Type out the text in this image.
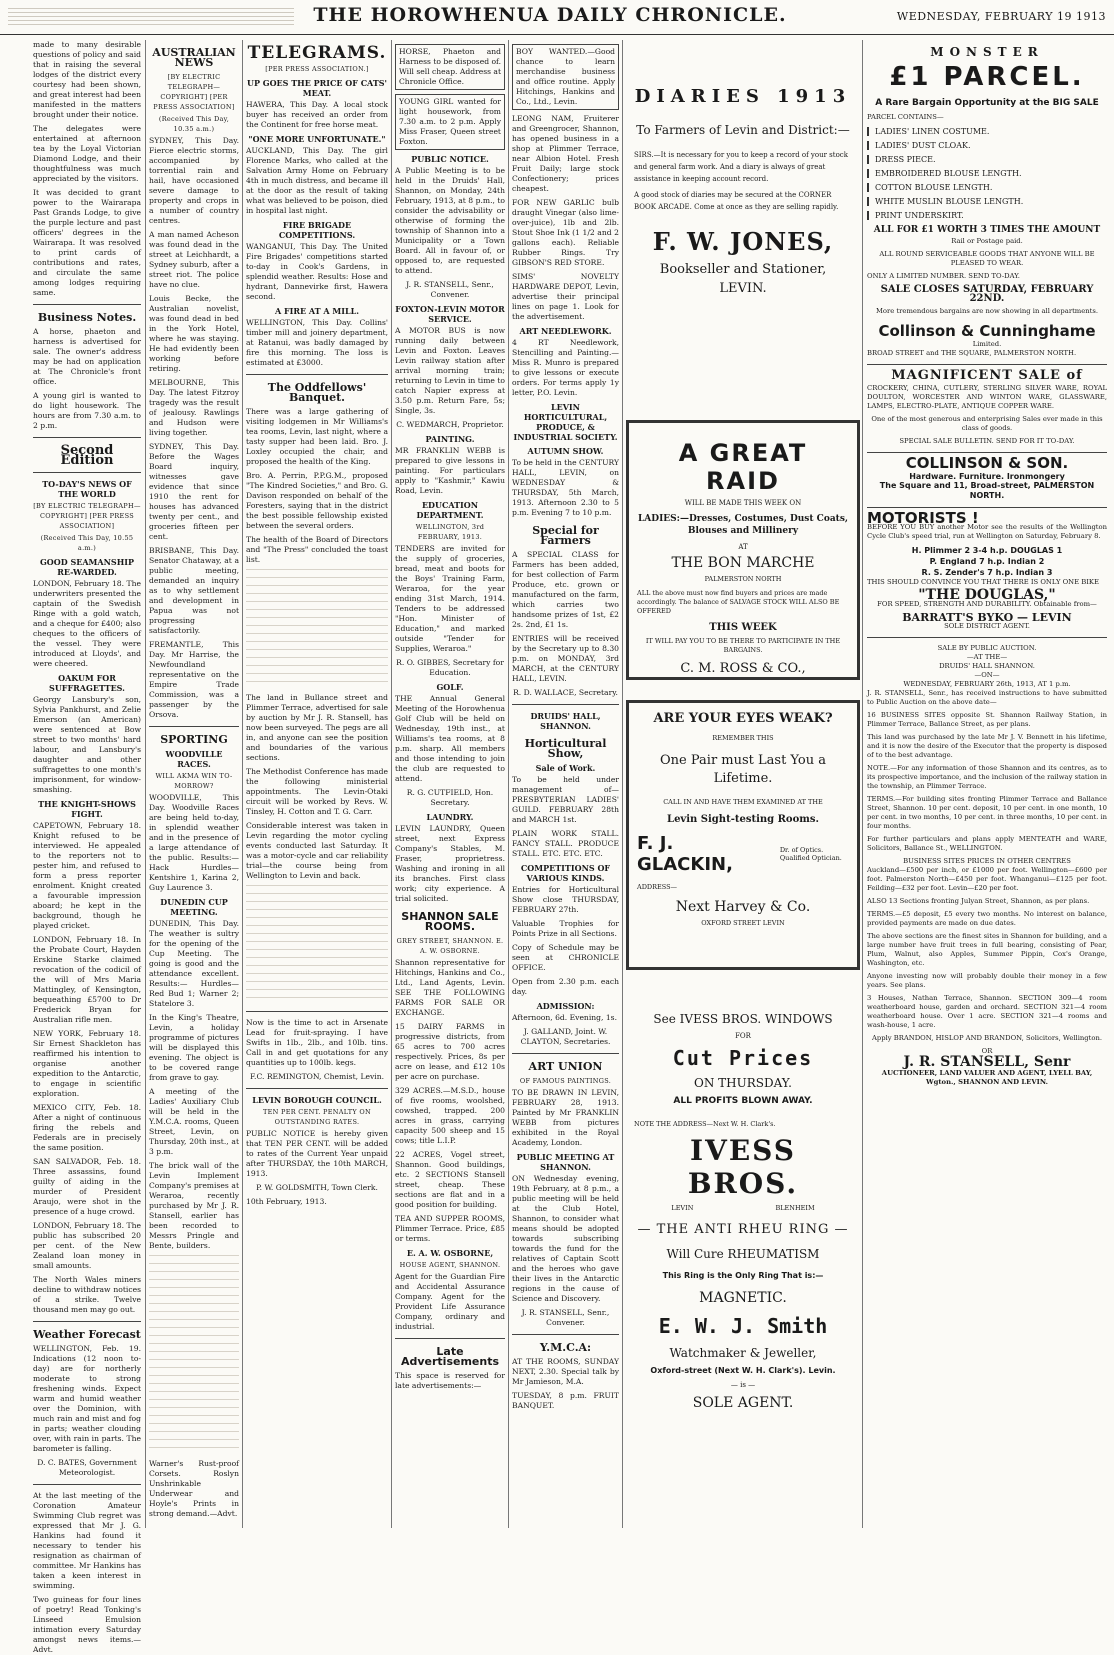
THE HOROWHENUA DAILY CHRONICLE.	WEDNESDAY, FEBRUARY 19 1913

made to many desirable questions of policy and said that in raising the several lodges of the district every courtesy had been shown, and great interest had been manifested in the matters brought under their notice.

The delegates were entertained at afternoon tea by the Loyal Victorian Diamond Lodge, and their thoughtfulness was much appreciated by the visitors.

It was decided to grant power to the Wairarapa Past Grands Lodge, to give the purple lecture and past officers' degrees in the Wairarapa. It was resolved to print cards of contributions and rates, and circulate the same among lodges requiring same.

Business Notes.

A horse, phaeton and harness is advertised for sale. The owner's address may be had on application at The Chronicle's front office.

A young girl is wanted to do light housework. The hours are from 7.30 a.m. to 2 p.m.

Second Edition
TO-DAY'S NEWS OF THE WORLD
[BY ELECTRIC TELEGRAPH—COPYRIGHT] [PER PRESS ASSOCIATION]
(Received This Day, 10.55 a.m.)
GOOD SEAMANSHIP RE-WARDED.

LONDON, February 18. The underwriters presented the captain of the Swedish Ringe with a gold watch, and a cheque for £400; also cheques to the officers of the vessel. They were introduced at Lloyds', and were cheered.

OAKUM FOR SUFFRAGETTES.

Georgy Lansbury's son, Sylvia Pankhurst, and Zelie Emerson (an American) were sentenced at Bow street to two months' hard labour, and Lansbury's daughter and other suffragettes to one month's imprisonment, for window-smashing.

THE KNIGHT-SHOWS FIGHT.

CAPETOWN, February 18. Knight refused to be interviewed. He appealed to the reporters not to pester him, and refused to form a press reporter enrolment. Knight created a favourable impression aboard; he kept in the background, though he played cricket.

LONDON, February 18. In the Probate Court, Hayden Erskine Starke claimed revocation of the codicil of the will of Mrs Maria Mattingley, of Kensington, bequeathing £5700 to Dr Frederick Bryan for Australian rifle men.

NEW YORK, February 18. Sir Ernest Shackleton has reaffirmed his intention to organise another expedition to the Antarctic, to engage in scientific exploration.

MEXICO CITY, Feb. 18. After a night of continuous firing the rebels and Federals are in precisely the same position.

SAN SALVADOR, Feb. 18. Three assassins, found guilty of aiding in the murder of President Araujo, were shot in the presence of a huge crowd.

LONDON, February 18. The public has subscribed 20 per cent. of the New Zealand loan money in small amounts.

The North Wales miners decline to withdraw notices of a strike. Twelve thousand men may go out.

Weather Forecast

WELLINGTON, Feb. 19. Indications (12 noon to-day) are for northerly moderate to strong freshening winds. Expect warm and humid weather over the Dominion, with much rain and mist and fog in parts; weather clouding over, with rain in parts. The barometer is falling.

D. C. BATES, Government Meteorologist.

At the last meeting of the Coronation Amateur Swimming Club regret was expressed that Mr J. G. Hankins had found it necessary to tender his resignation as chairman of committee. Mr Hankins has taken a keen interest in swimming.

Two guineas for four lines of poetry! Read Tonking's Linseed Emulsion intimation every Saturday amongst news items.—Advt.

AUSTRALIAN NEWS
[BY ELECTRIC TELEGRAPH—COPYRIGHT] [PER PRESS ASSOCIATION]
(Received This Day, 10.35 a.m.)

SYDNEY, This Day. Fierce electric storms, accompanied by torrential rain and hail, have occasioned severe damage to property and crops in a number of country centres.

A man named Acheson was found dead in the street at Leichhardt, a Sydney suburb, after a street riot. The police have no clue.

Louis Becke, the Australian novelist, was found dead in bed in the York Hotel, where he was staying. He had evidently been working before retiring.

MELBOURNE, This Day. The latest Fitzroy tragedy was the result of jealousy. Rawlings and Hudson were living together.

SYDNEY, This Day. Before the Wages Board inquiry, witnesses gave evidence that since 1910 the rent for houses has advanced twenty per cent., and groceries fifteen per cent.

BRISBANE, This Day. Senator Chataway, at a public meeting, demanded an inquiry as to why settlement and development in Papua was not progressing satisfactorily.

FREMANTLE, This Day. Mr Harrise, the Newfoundland representative on the Empire Trade Commission, was a passenger by the Orsova.

SPORTING
WOODVILLE RACES.
WILL AKMA WIN TO-MORROW?

WOODVILLE, This Day. Woodville Races are being held to-day, in splendid weather and in the presence of a large attendance of the public. Results:— Hack Hurdles—Kentshire 1, Karina 2, Guy Laurence 3.

DUNEDIN CUP MEETING.

DUNEDIN, This Day. The weather is sultry for the opening of the Cup Meeting. The going is good and the attendance excellent. Results:— Hurdles—Red Bud 1; Warner 2; Statelore 3.

In the King's Theatre, Levin, a holiday programme of pictures will be displayed this evening. The object is to be covered range from grave to gay.

A meeting of the Ladies' Auxiliary Club will be held in the Y.M.C.A. rooms, Queen Street, Levin, on Thursday, 20th inst., at 3 p.m.

The brick wall of the Levin Implement Company's premises at Weraroa, recently purchased by Mr J. R. Stansell, earlier has been recorded to Messrs Pringle and Bente, builders.

Warner's Rust-proof Corsets. Roslyn Unshrinkable Underwear and Hoyle's Prints in strong demand.—Advt.

TELEGRAMS.
[PER PRESS ASSOCIATION.]
UP GOES THE PRICE OF CATS' MEAT.

HAWERA, This Day. A local stock buyer has received an order from the Continent for free horse meat.

"ONE MORE UNFORTUNATE."

AUCKLAND, This Day. The girl Florence Marks, who called at the Salvation Army Home on February 4th in much distress, and became ill at the door as the result of taking what was believed to be poison, died in hospital last night.

FIRE BRIGADE COMPETITIONS.

WANGANUI, This Day. The United Fire Brigades' competitions started to-day in Cook's Gardens, in splendid weather. Results: Hose and hydrant, Dannevirke first, Hawera second.

A FIRE AT A MILL.

WELLINGTON, This Day. Collins' timber mill and joinery department, at Ratanui, was badly damaged by fire this morning. The loss is estimated at £3000.

The Oddfellows' Banquet.

There was a large gathering of visiting lodgemen in Mr Williams's tea rooms, Levin, last night, where a tasty supper had been laid. Bro. J. Loxley occupied the chair, and proposed the health of the King.

Bro. A. Perrin, P.P.G.M., proposed "The Kindred Societies," and Bro. G. Davison responded on behalf of the Foresters, saying that in the district the best possible fellowship existed between the several orders.

The health of the Board of Directors and "The Press" concluded the toast list.

The land in Bullance street and Plimmer Terrace, advertised for sale by auction by Mr J. R. Stansell, has now been surveyed. The pegs are all in, and anyone can see the position and boundaries of the various sections.

The Methodist Conference has made the following ministerial appointments. The Levin-Otaki circuit will be worked by Revs. W. Tinsley, H. Cotton and T. G. Carr.

Considerable interest was taken in Levin regarding the motor cycling events conducted last Saturday. It was a motor-cycle and car reliability trial—the course being from Wellington to Levin and back.

Now is the time to act in Arsenate Lead for fruit-spraying. I have Swifts in 1lb., 2lb., and 10lb. tins. Call in and get quotations for any quantities up to 100lb. kegs.

F.C. REMINGTON, Chemist, Levin.

LEVIN BOROUGH COUNCIL.
TEN PER CENT. PENALTY ON OUTSTANDING RATES.

PUBLIC NOTICE is hereby given that TEN PER CENT. will be added to rates of the Current Year unpaid after THURSDAY, the 10th MARCH, 1913.

P. W. GOLDSMITH, Town Clerk.

10th February, 1913.

HORSE, Phaeton and Harness to be disposed of. Will sell cheap. Address at Chronicle Office.

YOUNG GIRL wanted for light housework, from 7.30 a.m. to 2 p.m. Apply Miss Fraser, Queen street Foxton.

PUBLIC NOTICE.

A Public Meeting is to be held in the Druids' Hall, Shannon, on Monday, 24th February, 1913, at 8 p.m., to consider the advisability or otherwise of forming the township of Shannon into a Municipality or a Town Board. All in favour of, or opposed to, are requested to attend.

J. R. STANSELL, Senr., Convener.

FOXTON-LEVIN MOTOR SERVICE.

A MOTOR BUS is now running daily between Levin and Foxton. Leaves Levin railway station after arrival morning train; returning to Levin in time to catch Napier express at 3.50 p.m. Return Fare, 5s; Single, 3s.

C. WEDMARCH, Proprietor.

PAINTING.

MR FRANKLIN WEBB is prepared to give lessons in painting. For particulars apply to "Kashmir," Kawiu Road, Levin.

EDUCATION DEPARTMENT.
WELLINGTON, 3rd FEBRUARY, 1913.

TENDERS are invited for the supply of groceries, bread, meat and boots for the Boys' Training Farm, Weraroa, for the year ending 31st March, 1914. Tenders to be addressed "Hon. Minister of Education," and marked outside "Tender for Supplies, Weraroa."

R. O. GIBBES, Secretary for Education.

GOLF.

THE Annual General Meeting of the Horowhenua Golf Club will be held on Wednesday, 19th inst., at Williams's tea rooms, at 8 p.m. sharp. All members and those intending to join the club are requested to attend.

R. G. CUTFIELD, Hon. Secretary.

LAUNDRY.

LEVIN LAUNDRY, Queen street, next Express Company's Stables, M. Fraser, proprietress. Washing and ironing in all its branches. First class work; city experience. A trial solicited.

SHANNON SALE ROOMS.
GREY STREET, SHANNON. E. A. W. OSBORNE.

Shannon representative for Hitchings, Hankins and Co., Ltd., Land Agents, Levin. SEE THE FOLLOWING FARMS FOR SALE OR EXCHANGE.

15 DAIRY FARMS in progressive districts, from 65 acres to 700 acres respectively. Prices, 8s per acre on lease, and £12 10s per acre on purchase.

329 ACRES.—M.S.D., house of five rooms, woolshed, cowshed, trapped. 200 acres in grass, carrying capacity 500 sheep and 15 cows; title L.I.P.

22 ACRES, Vogel street, Shannon. Good buildings, etc. 2 SECTIONS Stansell street, cheap. These sections are flat and in a good position for building.

TEA AND SUPPER ROOMS, Plimmer Terrace. Price, £85 or terms.

E. A. W. OSBORNE,
HOUSE AGENT, SHANNON.

Agent for the Guardian Fire and Accidental Assurance Company. Agent for the Provident Life Assurance Company, ordinary and industrial.

Late Advertisements

This space is reserved for late advertisements:—

BOY WANTED.—Good chance to learn merchandise business and office routine. Apply Hitchings, Hankins and Co., Ltd., Levin.

LEONG NAM, Fruiterer and Greengrocer, Shannon, has opened business in a shop at Plimmer Terrace, near Albion Hotel. Fresh Fruit Daily; large stock Confectionery; prices cheapest.

FOR NEW GARLIC bulb draught Vinegar (also lime-over-juice), 1lb and 2lb. Stout Shoe Ink (1 1/2 and 2 gallons each). Reliable Rubber Rings. Try GIBSON'S RED STORE.

SIMS' NOVELTY HARDWARE DEPOT, Levin, advertise their principal lines on page 1. Look for the advertisement.

ART NEEDLEWORK.

4 RT Needlework, Stencilling and Painting.—Miss R. Munro is prepared to give lessons or execute orders. For terms apply 1y letter, P.O. Levin.

LEVIN HORTICULTURAL, PRODUCE, & INDUSTRIAL SOCIETY.
AUTUMN SHOW.

To be held in the CENTURY HALL, LEVIN, on WEDNESDAY & THURSDAY, 5th March, 1913. Afternoon 2.30 to 5 p.m. Evening 7 to 10 p.m.

Special for Farmers

A SPECIAL CLASS for Farmers has been added, for best collection of Farm Produce, etc. grown or manufactured on the farm, which carries two handsome prizes of 1st, £2 2s. 2nd, £1 1s.

ENTRIES will be received by the Secretary up to 8.30 p.m. on MONDAY, 3rd MARCH, at the CENTURY HALL, LEVIN.

R. D. WALLACE, Secretary.

DRUIDS' HALL, SHANNON.
Horticultural Show,
Sale of Work.

To be held under management of— PRESBYTERIAN LADIES' GUILD. FEBRUARY 28th and MARCH 1st.

PLAIN WORK STALL. FANCY STALL. PRODUCE STALL. ETC. ETC. ETC.

COMPETITIONS OF VARIOUS KINDS.

Entries for Horticultural Show close THURSDAY, FEBRUARY 27th.

Valuable Trophies for Points Prize in all Sections.

Copy of Schedule may be seen at CHRONICLE OFFICE.

Open from 2.30 p.m. each day.

ADMISSION:

Afternoon, 6d. Evening, 1s.

J. GALLAND, Joint. W. CLAYTON, Secretaries.

ART UNION
OF FAMOUS PAINTINGS.

TO BE DRAWN IN LEVIN, FEBRUARY 28, 1913. Painted by Mr FRANKLIN WEBB from pictures exhibited in the Royal Academy, London.

PUBLIC MEETING AT SHANNON.

ON Wednesday evening, 19th February, at 8 p.m., a public meeting will be held at the Club Hotel, Shannon, to consider what means should be adopted towards subscribing towards the fund for the relatives of Captain Scott and the heroes who gave their lives in the Antarctic regions in the cause of Science and Discovery.

J. R. STANSELL, Senr., Convener.

Y.M.C.A:

AT THE ROOMS, SUNDAY NEXT, 2.30. Special talk by Mr Jamieson, M.A.

TUESDAY, 8 p.m. FRUIT BANQUET.

DIARIES 1913
To Farmers of Levin and District:—

SIRS.—It is necessary for you to keep a record of your stock and general farm work. And a diary is always of great assistance in keeping account record.

A good stock of diaries may be secured at the CORNER BOOK ARCADE. Come at once as they are selling rapidly.

F. W. JONES,
Bookseller and Stationer,
LEVIN.
A GREAT RAID
WILL BE MADE THIS WEEK ON
LADIES:—Dresses, Costumes, Dust Coats, Blouses and Millinery
AT
THE BON MARCHE
PALMERSTON NORTH

ALL the above must now find buyers and prices are made accordingly. The balance of SALVAGE STOCK WILL ALSO BE OFFERED

THIS WEEK

IT WILL PAY YOU TO BE THERE TO PARTICIPATE IN THE BARGAINS.

C. M. ROSS & CO.,
ARE YOUR EYES WEAK?
REMEMBER THIS
One Pair must Last You a Lifetime.
CALL IN AND HAVE THEM EXAMINED AT THE
Levin Sight-testing Rooms.
F. J. GLACKIN,
Dr. of Optics. Qualified Optician.
ADDRESS—
Next Harvey & Co.
OXFORD STREET LEVIN
See IVESS BROS. WINDOWS
FOR
Cut Prices
ON THURSDAY.
ALL PROFITS BLOWN AWAY.
NOTE THE ADDRESS—Next W. H. Clark's.
IVESS BROS.
LEVIN BLENHEIM
— THE ANTI RHEU RING —
Will Cure RHEUMATISM
This Ring is the Only Ring That is:—
MAGNETIC.
E. W. J. Smith
Watchmaker & Jeweller,
Oxford-street (Next W. H. Clark's). Levin.
— is —
SOLE AGENT.
MONSTER
£1 PARCEL.
A Rare Bargain Opportunity at the BIG SALE
PARCEL CONTAINS—
LADIES' LINEN COSTUME.
LADIES' DUST CLOAK.
DRESS PIECE.
EMBROIDERED BLOUSE LENGTH.
COTTON BLOUSE LENGTH.
WHITE MUSLIN BLOUSE LENGTH.
PRINT UNDERSKIRT.
ALL FOR £1 WORTH 3 TIMES THE AMOUNT
Rail or Postage paid.

ALL ROUND SERVICEABLE GOODS THAT ANYONE WILL BE PLEASED TO WEAR.

ONLY A LIMITED NUMBER. SEND TO-DAY.

SALE CLOSES SATURDAY, FEBRUARY 22ND.

More tremendous bargains are now showing in all departments.

Collinson & Cunninghame
Limited.

BROAD STREET and THE SQUARE, PALMERSTON NORTH.

MAGNIFICENT SALE of

CROCKERY, CHINA, CUTLERY, STERLING SILVER WARE, ROYAL DOULTON, WORCESTER AND WINTON WARE, GLASSWARE, LAMPS, ELECTRO-PLATE, ANTIQUE COPPER WARE.

One of the most generous and enterprising Sales ever made in this class of goods.

SPECIAL SALE BULLETIN. SEND FOR IT TO-DAY.

COLLINSON & SON.
Hardware. Furniture. Ironmongery
The Square and 11, Broad-street, PALMERSTON NORTH.
MOTORISTS !

BEFORE YOU BUY another Motor see the results of the Wellington Cycle Club's speed trial, run at Wellington on Saturday, February 8.

H. Plimmer 2 3-4 h.p. DOUGLAS 1
P. England 7 h.p. Indian 2
R. S. Zender's 7 h.p. Indian 3

THIS SHOULD CONVINCE YOU THAT THERE IS ONLY ONE BIKE

"THE DOUGLAS,"

FOR SPEED, STRENGTH AND DURABILITY. Obtainable from—

BARRATT'S BYKO — LEVIN
SOLE DISTRICT AGENT.
SALE BY PUBLIC AUCTION.
—AT THE—
DRUIDS' HALL SHANNON.
—ON—
WEDNESDAY, FEBRUARY 26th, 1913, AT 1 p.m.

J. R. STANSELL, Senr., has received instructions to have submitted to Public Auction on the above date—

16 BUSINESS SITES opposite St. Shannon Railway Station, in Plimmer Terrace, Ballance Street, as per plans.

This land was purchased by the late Mr J. V. Bennett in his lifetime, and it is now the desire of the Executor that the property is disposed of to the best advantage.

NOTE.—For any information of those Shannon and its centres, as to its prospective importance, and the inclusion of the railway station in the township, an Plimmer Terrace.

TERMS.—For building sites fronting Plimmer Terrace and Ballance Street, Shannon. 10 per cent. deposit, 10 per cent. in one month, 10 per cent. in two months, 10 per cent. in three months, 10 per cent. in four months.

For further particulars and plans apply MENTEATH and WARE, Solicitors, Ballance St., WELLINGTON.

BUSINESS SITES PRICES IN OTHER CENTRES

Auckland—£500 per inch, or £1000 per foot. Wellington—£600 per foot. Palmerston North—£450 per foot. Whanganui—£125 per foot. Feilding—£32 per foot. Levin—£20 per foot.

ALSO 13 Sections fronting Julyan Street, Shannon, as per plans.

TERMS.—£5 deposit, £5 every two months. No interest on balance, provided payments are made on due dates.

The above sections are the finest sites in Shannon for building, and a large number have fruit trees in full bearing, consisting of Pear, Plum, Walnut, also Apples, Summer Pippin, Cox's Orange, Washington, etc.

Anyone investing now will probably double their money in a few years. See plans.

3 Houses, Nathan Terrace, Shannon. SECTION 309—4 room weatherboard house, garden and orchard. SECTION 321—4 room weatherboard house. Over 1 acre. SECTION 321—4 rooms and wash-house, 1 acre.

Apply BRANDON, HISLOP AND BRANDON, Solicitors, Wellington.

OR
J. R. STANSELL, Senr
AUCTIONEER, LAND VALUER AND AGENT, LYELL BAY, Wgton., SHANNON AND LEVIN.
